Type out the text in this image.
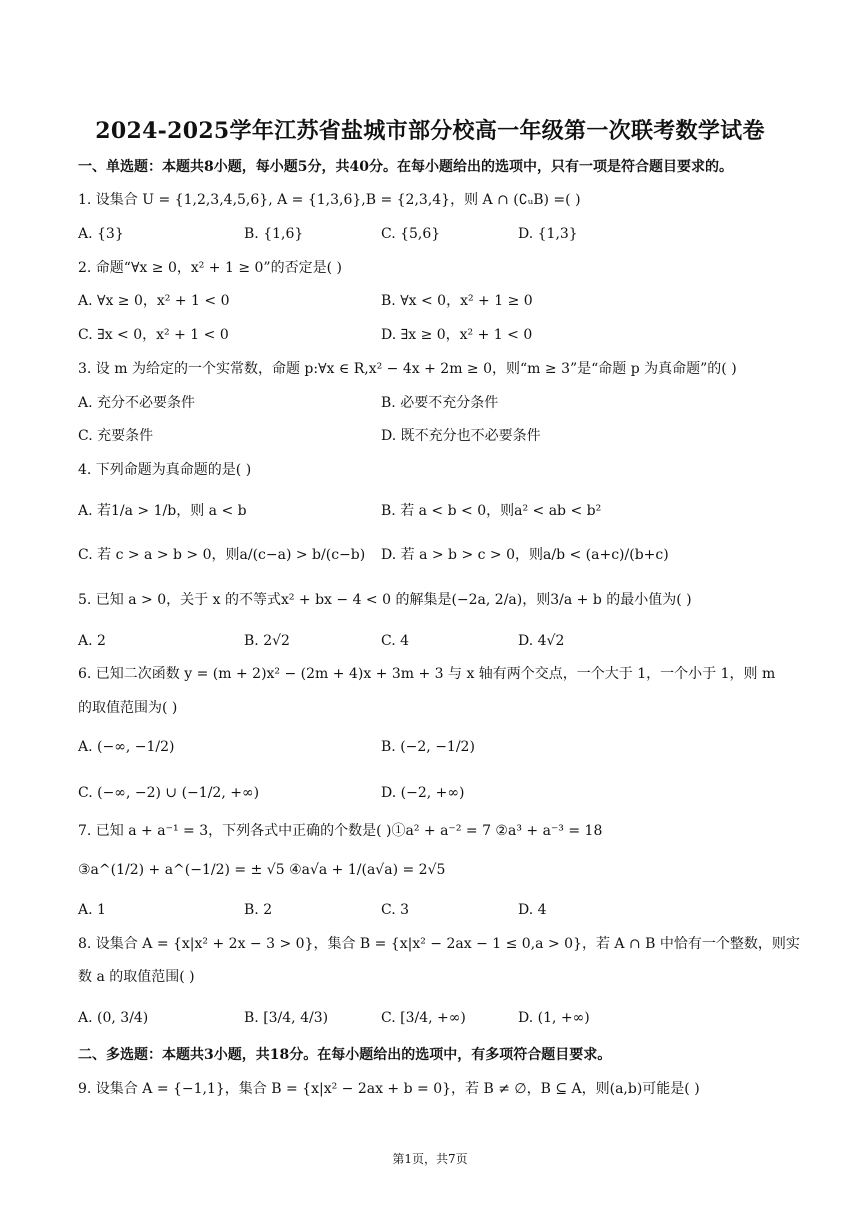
2024-2025学年江苏省盐城市部分校高一年级第一次联考数学试卷
一、单选题：本题共8小题，每小题5分，共40分。在每小题给出的选项中，只有一项是符合题目要求的。
1. 设集合 U = {1,2,3,4,5,6}, A = {1,3,6},B = {2,3,4}，则 A ∩ (∁ᵤB) =( )
A. {3}	B. {1,6}	C. {5,6}	D. {1,3}
2. 命题“∀x ≥ 0，x² + 1 ≥ 0”的否定是( )
A. ∀x ≥ 0，x² + 1 < 0	B. ∀x < 0，x² + 1 ≥ 0
C. ∃x < 0，x² + 1 < 0	D. ∃x ≥ 0，x² + 1 < 0
3. 设 m 为给定的一个实常数，命题 p:∀x ∈ R,x² − 4x + 2m ≥ 0，则“m ≥ 3”是“命题 p 为真命题”的( )
A. 充分不必要条件	B. 必要不充分条件
C. 充要条件	D. 既不充分也不必要条件
4. 下列命题为真命题的是( )
A. 若1/a > 1/b，则 a < b	B. 若 a < b < 0，则a² < ab < b²
C. 若 c > a > b > 0，则a/(c−a) > b/(c−b) D. 若 a > b > c > 0，则a/b < (a+c)/(b+c)
5. 已知 a > 0，关于 x 的不等式x² + bx − 4 < 0 的解集是(−2a, 2/a)，则3/a + b 的最小值为( )
A. 2	B. 2√2	C. 4	D. 4√2
6. 已知二次函数 y = (m + 2)x² − (2m + 4)x + 3m + 3 与 x 轴有两个交点，一个大于 1，一个小于 1，则 m
的取值范围为( )
A. (−∞, −1/2)	B. (−2, −1/2)
C. (−∞, −2) ∪ (−1/2, +∞)	D. (−2, +∞)
7. 已知 a + a⁻¹ = 3，下列各式中正确的个数是( )①a² + a⁻² = 7 ②a³ + a⁻³ = 18
③a^(1/2) + a^(−1/2) = ± √5 ④a√a + 1/(a√a) = 2√5
A. 1	B. 2	C. 3	D. 4
8. 设集合 A = {x|x² + 2x − 3 > 0}，集合 B = {x|x² − 2ax − 1 ≤ 0,a > 0}，若 A ∩ B 中恰有一个整数，则实
数 a 的取值范围( )
A. (0, 3/4)	B. [3/4, 4/3)	C. [3/4, +∞)	D. (1, +∞)
二、多选题：本题共3小题，共18分。在每小题给出的选项中，有多项符合题目要求。
9. 设集合 A = {−1,1}，集合 B = {x|x² − 2ax + b = 0}，若 B ≠ ∅，B ⊆ A，则(a,b)可能是( )
第1页，共7页
